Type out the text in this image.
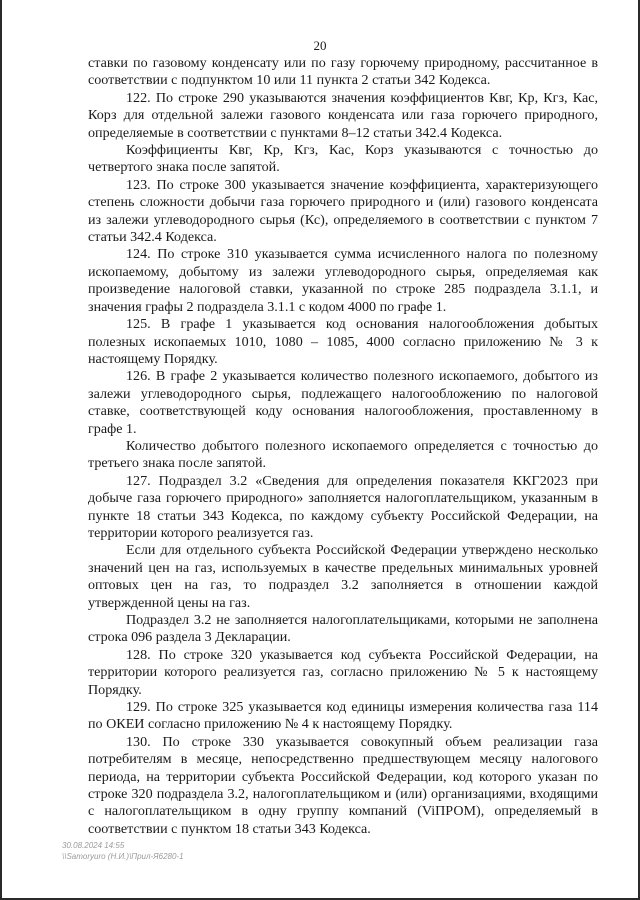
20

ставки по газовому конденсату или по газу горючему природному, рассчитанное в соответствии с подпунктом 10 или 11 пункта 2 статьи 342 Кодекса.

122. По строке 290 указываются значения коэффициентов Квг, Кр, Кгз, Кас, Корз для отдельной залежи газового конденсата или газа горючего природного, определяемые в соответствии с пунктами 8–12 статьи 342.4 Кодекса.

Коэффициенты Квг, Кр, Кгз, Кас, Корз указываются с точностью до четвертого знака после запятой.

123. По строке 300 указывается значение коэффициента, характеризующего степень сложности добычи газа горючего природного и (или) газового конденсата из залежи углеводородного сырья (Кс), определяемого в соответствии с пунктом 7 статьи 342.4 Кодекса.

124. По строке 310 указывается сумма исчисленного налога по полезному ископаемому, добытому из залежи углеводородного сырья, определяемая как произведение налоговой ставки, указанной по строке 285 подраздела 3.1.1, и значения графы 2 подраздела 3.1.1 с кодом 4000 по графе 1.

125. В графе 1 указывается код основания налогообложения добытых полезных ископаемых 1010, 1080 – 1085, 4000 согласно приложению № 3 к настоящему Порядку.

126. В графе 2 указывается количество полезного ископаемого, добытого из залежи углеводородного сырья, подлежащего налогообложению по налоговой ставке, соответствующей коду основания налогообложения, проставленному в графе 1.

Количество добытого полезного ископаемого определяется с точностью до третьего знака после запятой.

127. Подраздел 3.2 «Сведения для определения показателя ККГ2023 при добыче газа горючего природного» заполняется налогоплательщиком, указанным в пункте 18 статьи 343 Кодекса, по каждому субъекту Российской Федерации, на территории которого реализуется газ.

Если для отдельного субъекта Российской Федерации утверждено несколько значений цен на газ, используемых в качестве предельных минимальных уровней оптовых цен на газ, то подраздел 3.2 заполняется в отношении каждой утвержденной цены на газ.

Подраздел 3.2 не заполняется налогоплательщиками, которыми не заполнена строка 096 раздела 3 Декларации.

128. По строке 320 указывается код субъекта Российской Федерации, на территории которого реализуется газ, согласно приложению № 5 к настоящему Порядку.

129. По строке 325 указывается код единицы измерения количества газа 114 по ОКЕИ согласно приложению № 4 к настоящему Порядку.

130. По строке 330 указывается совокупный объем реализации газа потребителям в месяце, непосредственно предшествующем месяцу налогового периода, на территории субъекта Российской Федерации, код которого указан по строке 320 подраздела 3.2, налогоплательщиком и (или) организациями, входящими с налогоплательщиком в одну группу компаний (ViПРОМ), определяемый в соответствии с пунктом 18 статьи 343 Кодекса.

30.08.2024 14:55
\\Samoryuro (Н.И.)\Прил-Я6280-1
